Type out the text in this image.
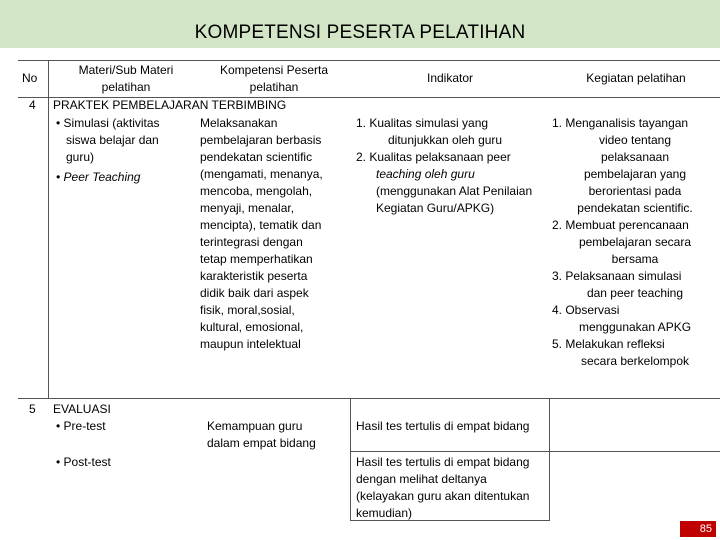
KOMPETENSI PESERTA PELATIHAN
No
Materi/Sub Materi
pelatihan
Kompetensi Peserta
pelatihan
Indikator	Kegiatan pelatihan
4 PRAKTEK PEMBELAJARAN TERBIMBING
• Simulasi (aktivitas
siswa belajar dan
guru)
• Peer Teaching
Melaksanakan
pembelajaran berbasis
pendekatan scientific
(mengamati, menanya,
mencoba, mengolah,
menyaji, menalar,
mencipta), tematik dan
terintegrasi dengan
tetap memperhatikan
karakteristik peserta
didik baik dari aspek
fisik, moral,sosial,
kultural, emosional,
maupun intelektual
1. Kualitas simulasi yang
ditunjukkan oleh guru
2. Kualitas pelaksanaan peer
teaching oleh guru
(menggunakan Alat Penilaian
Kegiatan Guru/APKG)
1. Menganalisis tayangan
video tentang
pelaksanaan
pembelajaran yang
berorientasi pada
pendekatan scientific.
2. Membuat perencanaan
pembelajaran secara
bersama
3. Pelaksanaan simulasi
dan peer teaching
4. Observasi
menggunakan APKG
5. Melakukan refleksi
secara berkelompok
5 EVALUASI
• Pre-test
• Post-test
Kemampuan guru
dalam empat bidang
Hasil tes tertulis di empat bidang
Hasil tes tertulis di empat bidang
dengan melihat deltanya
(kelayakan guru akan ditentukan
kemudian)
85
